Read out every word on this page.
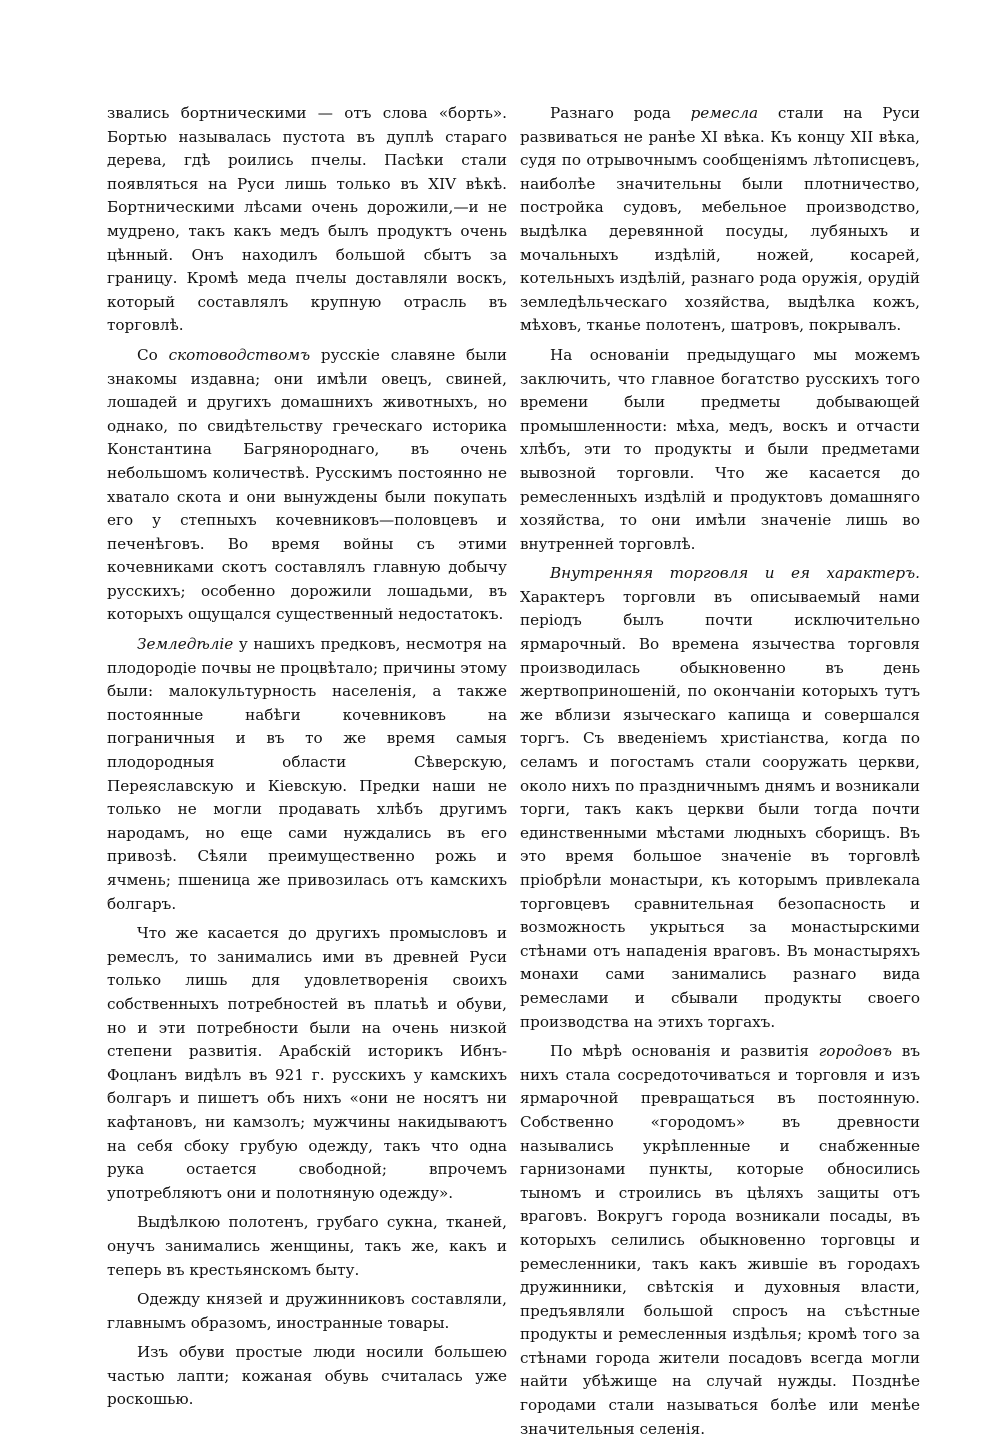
звались бортническими — отъ слова «борть». Бортью называлась пустота въ дуплѣ стараго дерева, гдѣ роились пчелы. Пасѣки стали появляться на Руси лишь только въ XIV вѣкѣ. Бортническими лѣсами очень дорожили,—и не мудрено, такъ какъ медъ былъ продуктъ очень цѣнный. Онъ находилъ большой сбытъ за границу. Кромѣ меда пчелы доставляли воскъ, который составлялъ крупную отрасль въ торговлѣ.

Со скотоводствомъ русскіе славяне были знакомы издавна; они имѣли овецъ, свиней, лошадей и другихъ домашнихъ животныхъ, но однако, по свидѣтельству греческаго историка Константина Багрянороднаго, въ очень небольшомъ количествѣ. Русскимъ постоянно не хватало скота и они вынуждены были покупать его у степныхъ кочевниковъ—половцевъ и печенѣговъ. Во время войны съ этими кочевниками скотъ составлялъ главную добычу русскихъ; особенно дорожили лошадьми, въ которыхъ ощущался существенный недостатокъ.

Земледѣліе у нашихъ предковъ, несмотря на плодородіе почвы не процвѣтало; причины этому были: малокультурность населенія, а также постоянные набѣги кочевниковъ на пограничныя и въ то же время самыя плодородныя области Сѣверскую, Переяславскую и Кіевскую. Предки наши не только не могли продавать хлѣбъ другимъ народамъ, но еще сами нуждались въ его привозѣ. Сѣяли преимущественно рожь и ячмень; пшеница же привозилась отъ камскихъ болгаръ.

Что же касается до другихъ промысловъ и ремеслъ, то занимались ими въ древней Руси только лишь для удовлетворенія своихъ собственныхъ потребностей въ платьѣ и обуви, но и эти потребности были на очень низкой степени развитія. Арабскій историкъ Ибнъ-Фоцланъ видѣлъ въ 921 г. русскихъ у камскихъ болгаръ и пишетъ объ нихъ «они не носятъ ни кафтановъ, ни камзолъ; мужчины накидываютъ на себя сбоку грубую одежду, такъ что одна рука остается свободной; впрочемъ употребляютъ они и полотняную одежду».

Выдѣлкою полотенъ, грубаго сукна, тканей, онучъ занимались женщины, такъ же, какъ и теперь въ крестьянскомъ быту.

Одежду князей и дружинниковъ составляли, главнымъ образомъ, иностранные товары.

Изъ обуви простые люди носили большею частью лапти; кожаная обувь считалась уже роскошью.

Разнаго рода ремесла стали на Руси развиваться не ранѣе XI вѣка. Къ концу XII вѣка, судя по отрывочнымъ сообщеніямъ лѣтописцевъ, наиболѣе значительны были плотничество, постройка судовъ, мебельное производство, выдѣлка деревянной посуды, лубяныхъ и мочальныхъ издѣлій, ножей, косарей, котельныхъ издѣлій, разнаго рода оружія, орудій земледѣльческаго хозяйства, выдѣлка кожъ, мѣховъ, тканье полотенъ, шатровъ, покрывалъ.

На основаніи предыдущаго мы можемъ заключить, что главное богатство русскихъ того времени были предметы добывающей промышленности: мѣха, медъ, воскъ и отчасти хлѣбъ, эти то продукты и были предметами вывозной торговли. Что же касается до ремесленныхъ издѣлій и продуктовъ домашняго хозяйства, то они имѣли значеніе лишь во внутренней торговлѣ.

Внутренняя торговля и ея характеръ. Характеръ торговли въ описываемый нами періодъ былъ почти исключительно ярмарочный. Во времена язычества торговля производилась обыкновенно въ день жертвоприношеній, по окончаніи которыхъ тутъ же вблизи языческаго капища и совершался торгъ. Съ введеніемъ христіанства, когда по селамъ и погостамъ стали сооружать церкви, около нихъ по праздничнымъ днямъ и возникали торги, такъ какъ церкви были тогда почти единственными мѣстами людныхъ сборищъ. Въ это время большое значеніе въ торговлѣ пріобрѣли монастыри, къ которымъ привлекала торговцевъ сравнительная безопасность и возможность укрыться за монастырскими стѣнами отъ нападенія враговъ. Въ монастыряхъ монахи сами занимались разнаго вида ремеслами и сбывали продукты своего производства на этихъ торгахъ.

По мѣрѣ основанія и развитія городовъ въ нихъ стала сосредоточиваться и торговля и изъ ярмарочной превращаться въ постоянную. Собственно «городомъ» въ древности назывались укрѣпленные и снабженные гарнизонами пункты, которые обносились тыномъ и строились въ цѣляхъ защиты отъ враговъ. Вокругъ города возникали посады, въ которыхъ селились обыкновенно торговцы и ремесленники, такъ какъ жившіе въ городахъ дружинники, свѣтскія и духовныя власти, предъявляли большой спросъ на съѣстные продукты и ремесленныя издѣлья; кромѣ того за стѣнами города жители посадовъ всегда могли найти убѣжище на случай нужды. Позднѣе городами стали называться болѣе или менѣе значительныя селенія.
